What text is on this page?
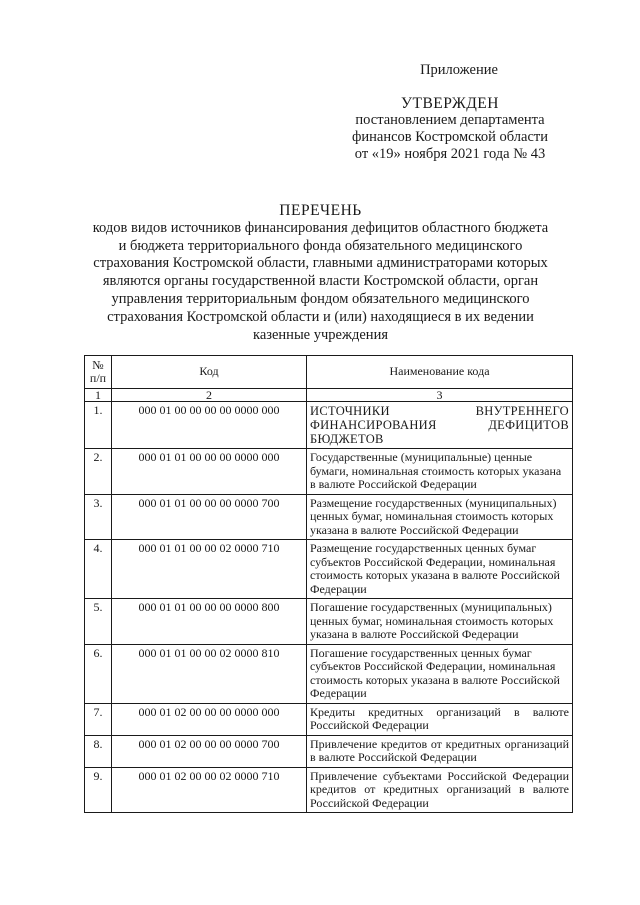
Приложение
УТВЕРЖДЕН
постановлением департамента
финансов Костромской области
от «19» ноября 2021 года № 43
ПЕРЕЧЕНЬ
кодов видов источников финансирования дефицитов областного бюджета
и бюджета территориального фонда обязательного медицинского
страхования Костромской области, главными администраторами которых
являются органы государственной власти Костромской области, орган
управления территориальным фондом обязательного медицинского
страхования Костромской области и (или) находящиеся в их ведении
казенные учреждения
№
п/п	Код	Наименование кода
1	2	3
1.	000 01 00 00 00 00 0000 000	ИСТОЧНИКИ ВНУТРЕННЕГО ФИНАНСИРОВАНИЯ ДЕФИЦИТОВ БЮДЖЕТОВ
2.	000 01 01 00 00 00 0000 000	Государственные (муниципальные) ценные бумаги, номинальная стоимость которых указана в валюте Российской Федерации
3.	000 01 01 00 00 00 0000 700	Размещение государственных (муниципальных) ценных бумаг, номинальная стоимость которых указана в валюте Российской Федерации
4.	000 01 01 00 00 02 0000 710	Размещение государственных ценных бумаг субъектов Российской Федерации, номинальная стоимость которых указана в валюте Российской Федерации
5.	000 01 01 00 00 00 0000 800	Погашение государственных (муниципальных) ценных бумаг, номинальная стоимость которых указана в валюте Российской Федерации
6.	000 01 01 00 00 02 0000 810	Погашение государственных ценных бумаг субъектов Российской Федерации, номинальная стоимость которых указана в валюте Российской Федерации
7.	000 01 02 00 00 00 0000 000	Кредиты кредитных организаций в валюте Российской Федерации
8.	000 01 02 00 00 00 0000 700	Привлечение кредитов от кредитных организаций в валюте Российской Федерации
9.	000 01 02 00 00 02 0000 710	Привлечение субъектами Российской Федерации кредитов от кредитных организаций в валюте Российской Федерации
